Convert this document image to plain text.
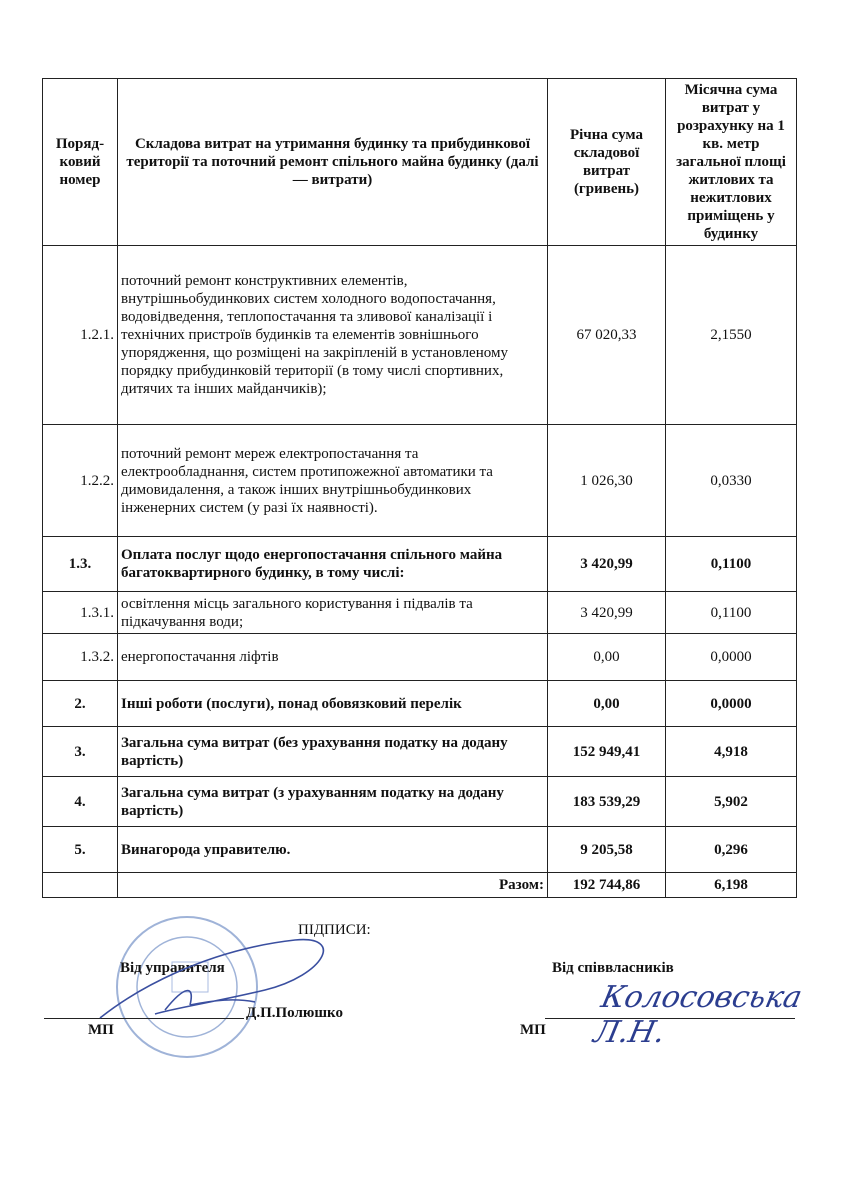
Поряд-ковий номер	Складова витрат на утримання будинку та прибудинкової території та поточний ремонт спільного майна будинку (далі — витрати)	Річна сума складової витрат (гривень)	Місячна сума витрат у розрахунку на 1 кв. метр загальної площі житлових та нежитлових приміщень у будинку
1.2.1.	поточний ремонт конструктивних елементів, внутрішньобудинкових систем холодного водопостачання, водовідведення, теплопостачання та зливової каналізації і технічних пристроїв будинків та елементів зовнішнього упорядження, що розміщені на закріпленій в установленому порядку прибудинковій території (в тому числі спортивних, дитячих та інших майданчиків);	67 020,33	2,1550
1.2.2.	поточний ремонт мереж електропостачання та електрообладнання, систем протипожежної автоматики та димовидалення, а також інших внутрішньобудинкових інженерних систем (у разі їх наявності).	1 026,30	0,0330
1.3.	Оплата послуг щодо енергопостачання спільного майна багатоквартирного будинку, в тому числі:	3 420,99	0,1100
1.3.1.	освітлення місць загального користування і підвалів та підкачування води;	3 420,99	0,1100
1.3.2.	енергопостачання ліфтів	0,00	0,0000
2.	Інші роботи (послуги), понад обовязковий перелік	0,00	0,0000
3.	Загальна сума витрат (без урахування податку на додану вартість)	152 949,41	4,918
4.	Загальна сума витрат (з урахуванням податку на додану вартість)	183 539,29	5,902
5.	Винагорода управителю.	9 205,58	0,296
	Разом:	192 744,86	6,198
ПІДПИСИ:
Від управителя
Д.П.Полюшко
МП
Від співвласників
МП
Колосовська Л.Н.
